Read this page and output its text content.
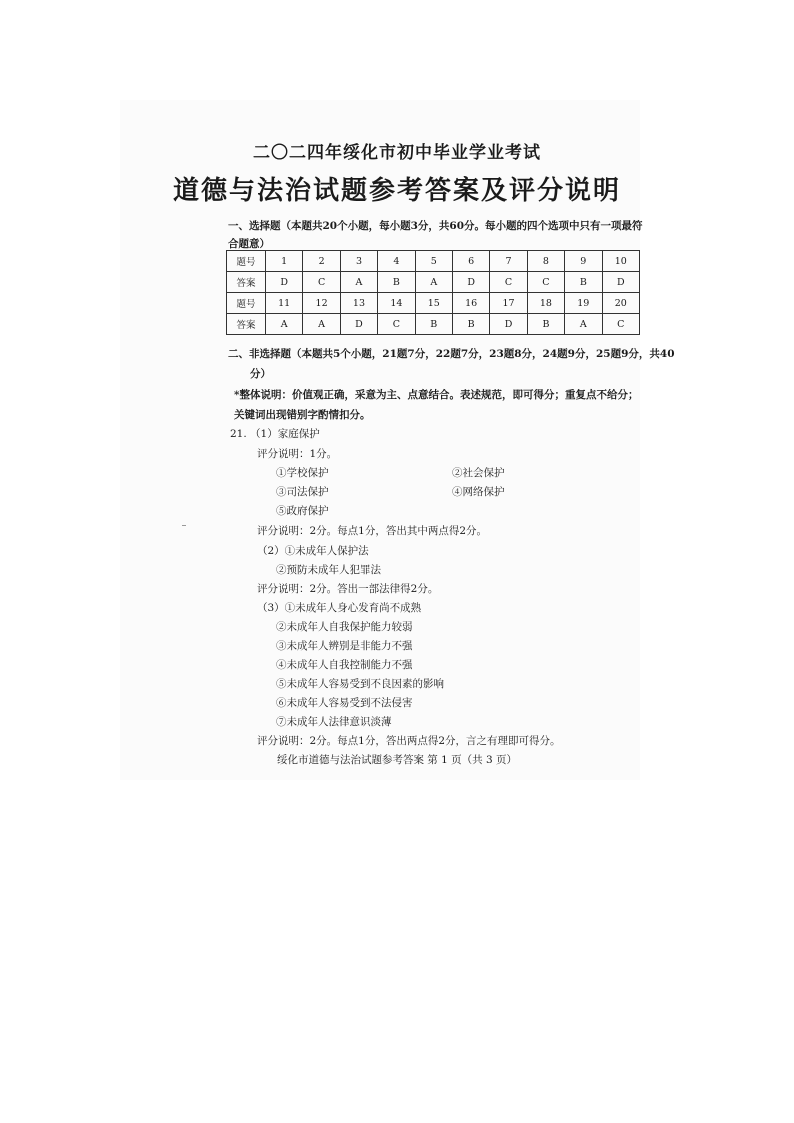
二〇二四年绥化市初中毕业学业考试
道德与法治试题参考答案及评分说明
一、选择题（本题共20个小题，每小题3分，共60分。每小题的四个选项中只有一项最符
合题意）
题号	1	2	3	4	5	6	7	8	9	10
答案	D	C	A	B	A	D	C	C	B	D
题号	11	12	13	14	15	16	17	18	19	20
答案	A	A	D	C	B	B	D	B	A	C
二、非选择题（本题共5个小题，21题7分，22题7分，23题8分，24题9分，25题9分，共40
分）
*整体说明：价值观正确，采意为主、点意结合。表述规范，即可得分；重复点不给分；
关键词出现错别字酌情扣分。
21. （1）家庭保护
评分说明：1分。
①学校保护	②社会保护
③司法保护	④网络保护
⑤政府保护
评分说明：2分。每点1分，答出其中两点得2分。
（2）①未成年人保护法
②预防未成年人犯罪法
评分说明：2分。答出一部法律得2分。
（3）①未成年人身心发育尚不成熟
②未成年人自我保护能力较弱
③未成年人辨别是非能力不强
④未成年人自我控制能力不强
⑤未成年人容易受到不良因素的影响
⑥未成年人容易受到不法侵害
⑦未成年人法律意识淡薄
评分说明：2分。每点1分，答出两点得2分，言之有理即可得分。
绥化市道德与法治试题参考答案 第 1 页（共 3 页）
